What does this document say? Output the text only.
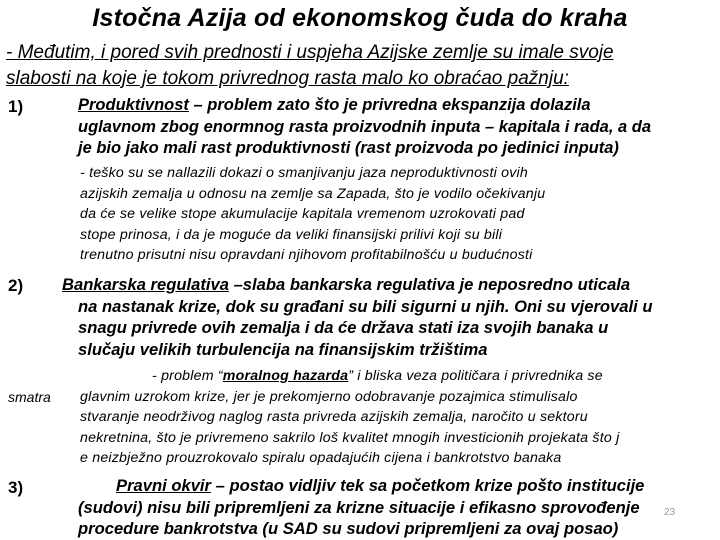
Istočna Azija od ekonomskog čuda do kraha
- Međutim, i pored svih prednosti i uspjeha Azijske zemlje su imale svoje
slabosti na koje je tokom privrednog rasta malo ko obraćao pažnju:
1)	Produktivnost – problem zato što je privredna ekspanzija dolazila
uglavnom zbog enormnog rasta proizvodnih inputa – kapitala i rada, a da
je bio jako mali rast produktivnosti (rast proizvoda po jedinici inputa)
- teško su se nallazili dokazi o smanjivanju jaza neproduktivnosti ovih
azijskih zemalja u odnosu na zemlje sa Zapada, što je vodilo očekivanju
da će se velike stope akumulacije kapitala vremenom uzrokovati pad
stope prinosa, i da je moguće da veliki finansijski prilivi koji su bili
trenutno prisutni nisu opravdani njihovom profitabilnošću u budućnosti
2) Bankarska regulativa –slaba bankarska regulativa je neposredno uticala
na nastanak krize, dok su građani su bili sigurni u njih. Oni su vjerovali u
snagu privrede ovih zemalja i da će država stati iza svojih banaka u
slučaju velikih turbulencija na finansijskim tržištima
smatra
- problem “moralnog hazarda” i bliska veza političara i privrednika se
glavnim uzrokom krize, jer je prekomjerno odobravanje pozajmica stimulisalo
stvaranje neodrživog naglog rasta privreda azijskih zemalja, naročito u sektoru
nekretnina, što je privremeno sakrilo loš kvalitet mnogih investicionih projekata što j
e neizbježno prouzrokovalo spiralu opadajućih cijena i bankrotstvo banaka
3)	Pravni okvir – postao vidljiv tek sa početkom krize pošto institucije
(sudovi) nisu bili pripremljeni za krizne situacije i efikasno sprovođenje
procedure bankrotstva (u SAD su sudovi pripremljeni za ovaj posao)
23
